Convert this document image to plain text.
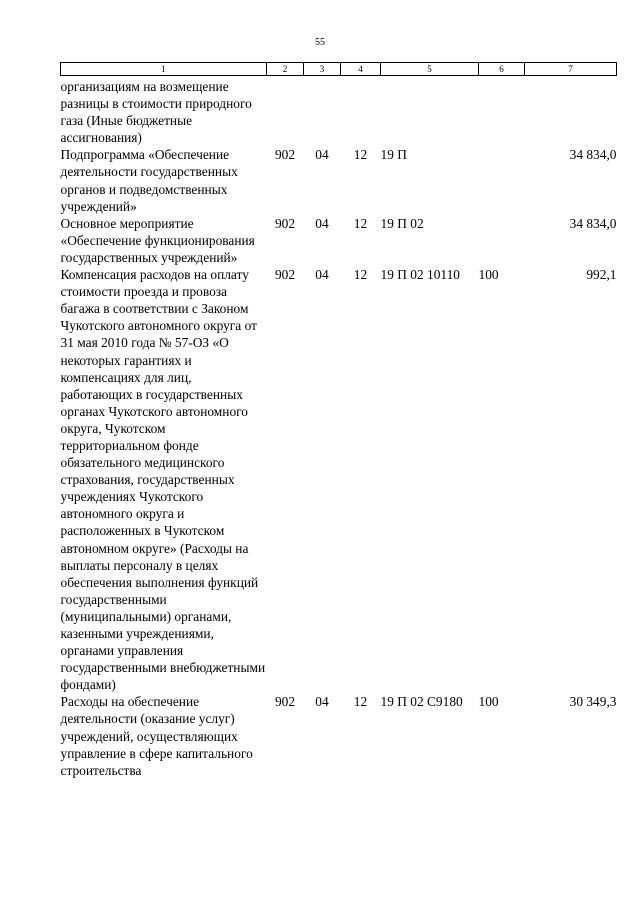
55
1	2	3	4	5	6	7
организациям на возмещение разницы в стоимости природного газа (Иные бюджетные ассигнования)						
Подпрограмма «Обеспечение деятельности государственных органов и подведомственных учреждений»	902	04	12	19 П		34 834,0
Основное мероприятие «Обеспечение функционирования государственных учреждений»	902	04	12	19 П 02		34 834,0
Компенсация расходов на оплату стоимости проезда и провоза багажа в соответствии с Законом Чукотского автономного округа от 31 мая 2010 года № 57-ОЗ «О некоторых гарантиях и компенсациях для лиц, работающих в государственных органах Чукотского автономного округа, Чукотском территориальном фонде обязательного медицинского страхования, государственных учреждениях Чукотского автономного округа и расположенных в Чукотском автономном округе» (Расходы на выплаты персоналу в целях обеспечения выполнения функций государственными (муниципальными) органами, казенными учреждениями, органами управления государственными внебюджетными фондами)	902	04	12	19 П 02 10110	100	992,1
Расходы на обеспечение деятельности (оказание услуг) учреждений, осуществляющих управление в сфере капитального строительства	902	04	12	19 П 02 С9180	100	30 349,3
